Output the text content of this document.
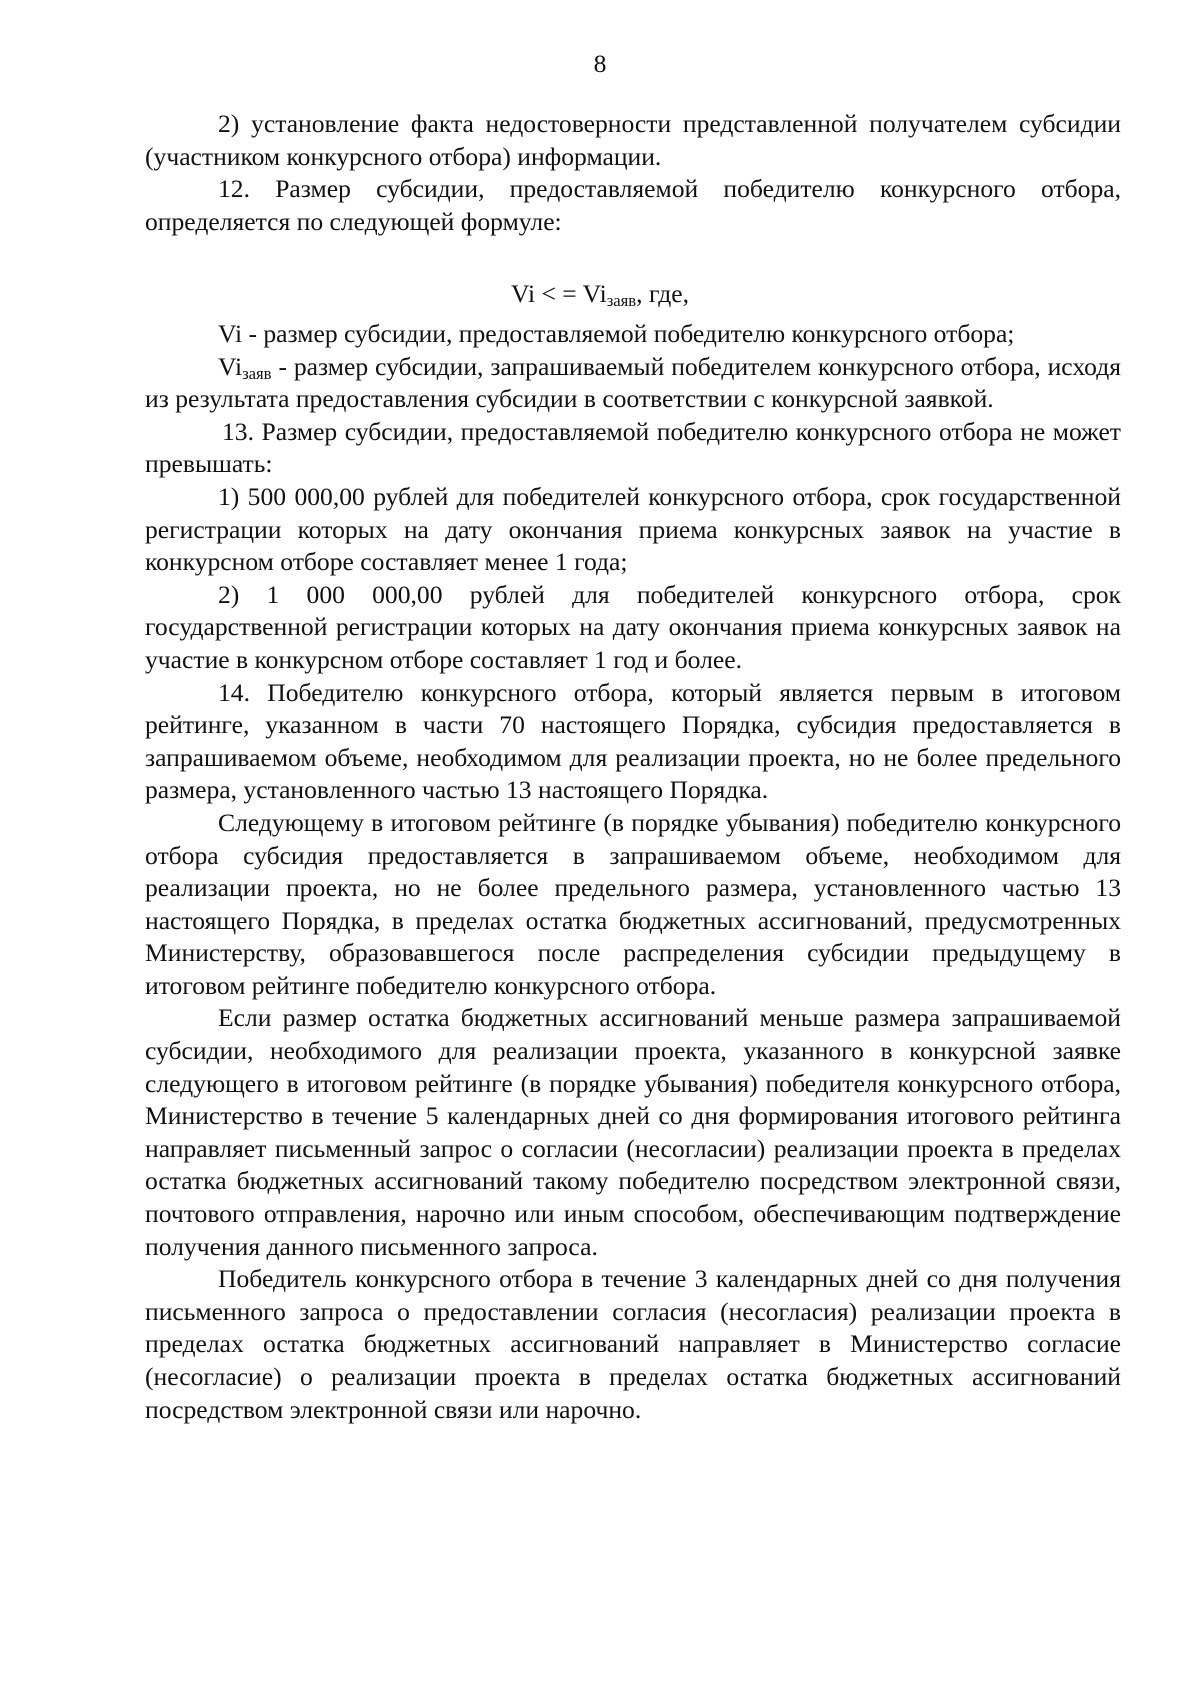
8

2) установление факта недостоверности представленной получателем субсидии (участником конкурсного отбора) информации.

12. Размер субсидии, предоставляемой победителю конкурсного отбора, определяется по следующей формуле:

Vi < = $Vi_{заяв}$, где,

Vi - размер субсидии, предоставляемой победителю конкурсного отбора;

$Vi_{заяв}$ - размер субсидии, запрашиваемый победителем конкурсного отбора, исходя из результата предоставления субсидии в соответствии с конкурсной заявкой.

13. Размер субсидии, предоставляемой победителю конкурсного отбора не может превышать:

1) 500 000,00 рублей для победителей конкурсного отбора, срок государственной регистрации которых на дату окончания приема конкурсных заявок на участие в конкурсном отборе составляет менее 1 года;

2) 1 000 000,00 рублей для победителей конкурсного отбора, срок государственной регистрации которых на дату окончания приема конкурсных заявок на участие в конкурсном отборе составляет 1 год и более.

14. Победителю конкурсного отбора, который является первым в итоговом рейтинге, указанном в части 70 настоящего Порядка, субсидия предоставляется в запрашиваемом объеме, необходимом для реализации проекта, но не более предельного размера, установленного частью 13 настоящего Порядка.

Следующему в итоговом рейтинге (в порядке убывания) победителю конкурсного отбора субсидия предоставляется в запрашиваемом объеме, необходимом для реализации проекта, но не более предельного размера, установленного частью 13 настоящего Порядка, в пределах остатка бюджетных ассигнований, предусмотренных Министерству, образовавшегося после распределения субсидии предыдущему в итоговом рейтинге победителю конкурсного отбора.

Если размер остатка бюджетных ассигнований меньше размера запрашиваемой субсидии, необходимого для реализации проекта, указанного в конкурсной заявке следующего в итоговом рейтинге (в порядке убывания) победителя конкурсного отбора, Министерство в течение 5 календарных дней со дня формирования итогового рейтинга направляет письменный запрос о согласии (несогласии) реализации проекта в пределах остатка бюджетных ассигнований такому победителю посредством электронной связи, почтового отправления, нарочно или иным способом, обеспечивающим подтверждение получения данного письменного запроса.

Победитель конкурсного отбора в течение 3 календарных дней со дня получения письменного запроса о предоставлении согласия (несогласия) реализации проекта в пределах остатка бюджетных ассигнований направляет в Министерство согласие (несогласие) о реализации проекта в пределах остатка бюджетных ассигнований посредством электронной связи или нарочно.
